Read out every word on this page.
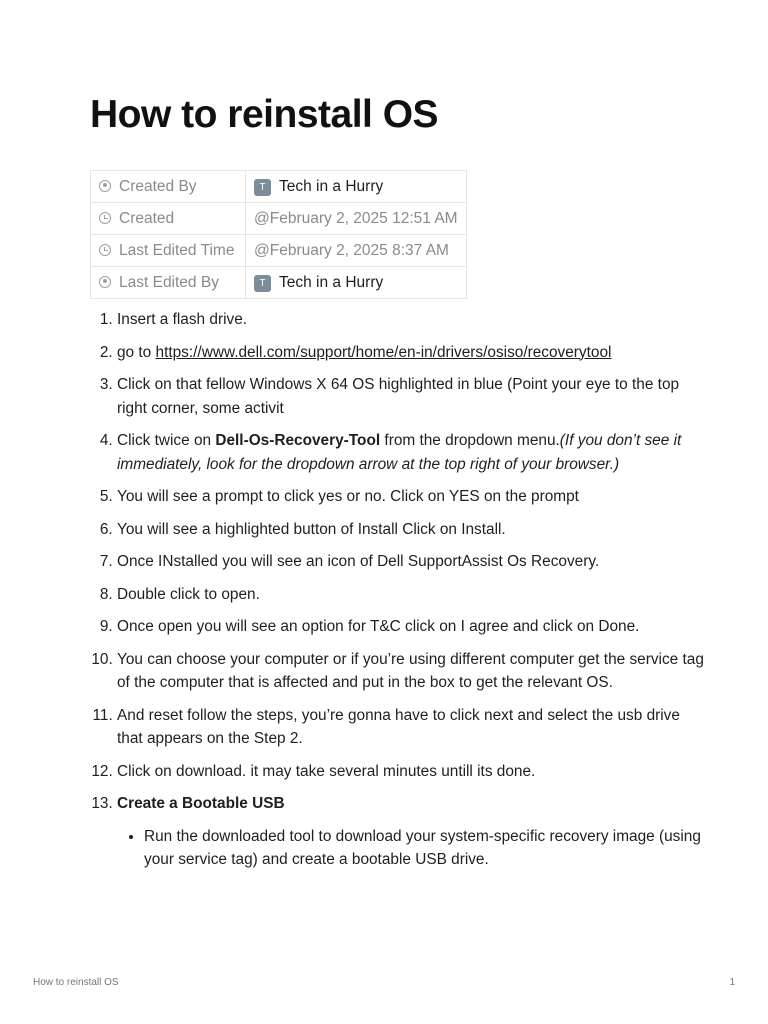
How to reinstall OS
Created By	T Tech in a Hurry
Created	@February 2, 2025 12:51 AM
Last Edited Time	@February 2, 2025 8:37 AM
Last Edited By	T Tech in a Hurry
1. Insert a flash drive.
2. go to https://www.dell.com/support/home/en-in/drivers/osiso/recoverytool
3. Click on that fellow Windows X 64 OS highlighted in blue (Point your eye to the top right corner, some activit
4. Click twice on Dell-Os-Recovery-Tool from the dropdown menu.(If you don’t see it immediately, look for the dropdown arrow at the top right of your browser.)
5. You will see a prompt to click yes or no. Click on YES on the prompt
6. You will see a highlighted button of Install Click on Install.
7. Once INstalled you will see an icon of Dell SupportAssist Os Recovery.
8. Double click to open.
9. Once open you will see an option for T&C click on I agree and click on Done.
10. You can choose your computer or if you’re using different computer get the service tag of the computer that is affected and put in the box to get the relevant OS.
11. And reset follow the steps, you’re gonna have to click next and select the usb drive that appears on the Step 2.
12. Click on download. it may take several minutes untill its done.
13. Create a Bootable USB
• Run the downloaded tool to download your system-specific recovery image (using your service tag) and create a bootable USB drive.
How to reinstall OS	1
